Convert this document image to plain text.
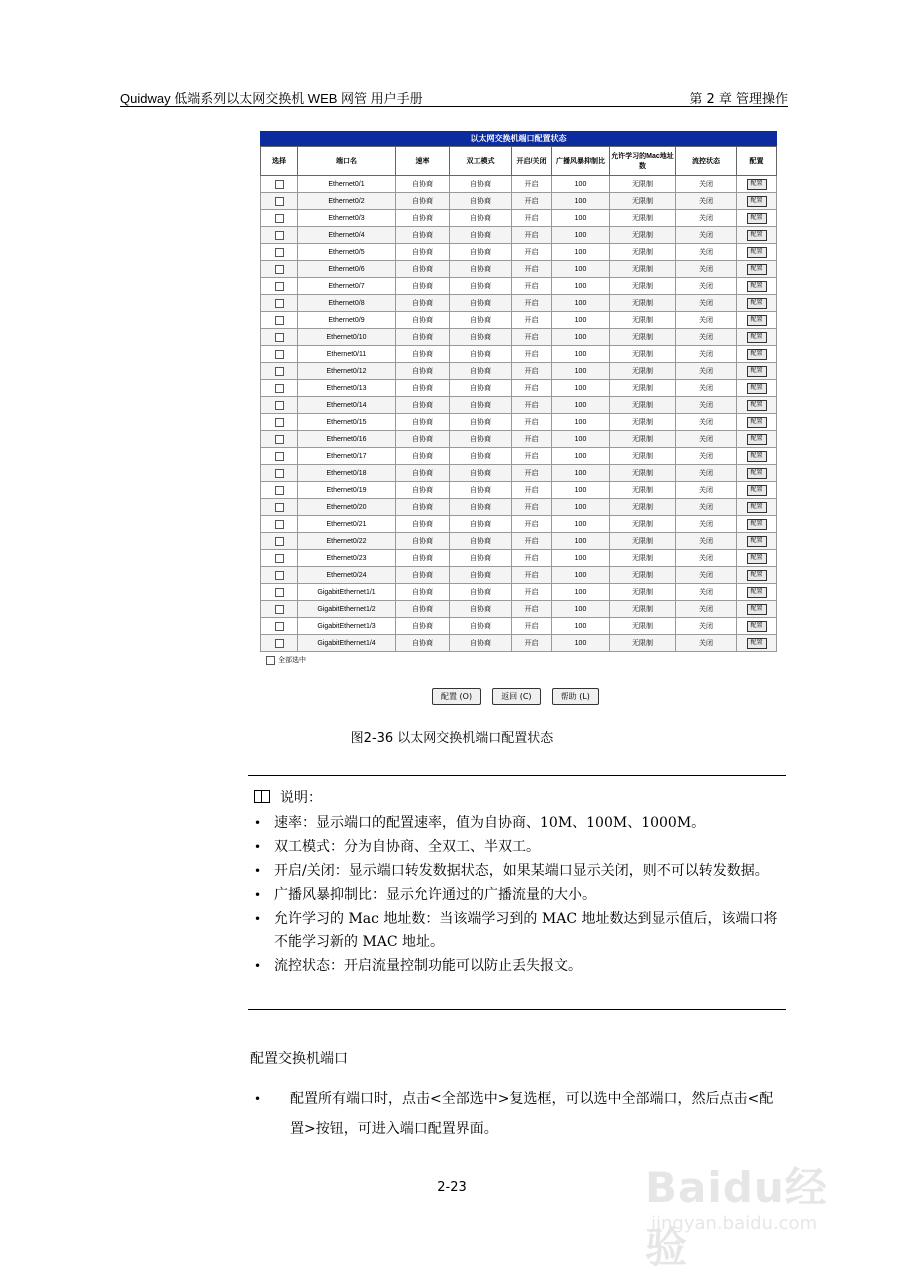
Quidway 低端系列以太网交换机 WEB 网管 用户手册	第 2 章 管理操作
以太网交换机端口配置状态
选择	端口名	速率	双工模式	开启/关闭	广播风暴抑制比	允许学习的Mac地址数	流控状态	配置
	Ethernet0/1	自协商	自协商	开启	100	无限制	关闭	配置
	Ethernet0/2	自协商	自协商	开启	100	无限制	关闭	配置
	Ethernet0/3	自协商	自协商	开启	100	无限制	关闭	配置
	Ethernet0/4	自协商	自协商	开启	100	无限制	关闭	配置
	Ethernet0/5	自协商	自协商	开启	100	无限制	关闭	配置
	Ethernet0/6	自协商	自协商	开启	100	无限制	关闭	配置
	Ethernet0/7	自协商	自协商	开启	100	无限制	关闭	配置
	Ethernet0/8	自协商	自协商	开启	100	无限制	关闭	配置
	Ethernet0/9	自协商	自协商	开启	100	无限制	关闭	配置
	Ethernet0/10	自协商	自协商	开启	100	无限制	关闭	配置
	Ethernet0/11	自协商	自协商	开启	100	无限制	关闭	配置
	Ethernet0/12	自协商	自协商	开启	100	无限制	关闭	配置
	Ethernet0/13	自协商	自协商	开启	100	无限制	关闭	配置
	Ethernet0/14	自协商	自协商	开启	100	无限制	关闭	配置
	Ethernet0/15	自协商	自协商	开启	100	无限制	关闭	配置
	Ethernet0/16	自协商	自协商	开启	100	无限制	关闭	配置
	Ethernet0/17	自协商	自协商	开启	100	无限制	关闭	配置
	Ethernet0/18	自协商	自协商	开启	100	无限制	关闭	配置
	Ethernet0/19	自协商	自协商	开启	100	无限制	关闭	配置
	Ethernet0/20	自协商	自协商	开启	100	无限制	关闭	配置
	Ethernet0/21	自协商	自协商	开启	100	无限制	关闭	配置
	Ethernet0/22	自协商	自协商	开启	100	无限制	关闭	配置
	Ethernet0/23	自协商	自协商	开启	100	无限制	关闭	配置
	Ethernet0/24	自协商	自协商	开启	100	无限制	关闭	配置
	GigabitEthernet1/1	自协商	自协商	开启	100	无限制	关闭	配置
	GigabitEthernet1/2	自协商	自协商	开启	100	无限制	关闭	配置
	GigabitEthernet1/3	自协商	自协商	开启	100	无限制	关闭	配置
	GigabitEthernet1/4	自协商	自协商	开启	100	无限制	关闭	配置
全部选中
配置 (O)	返回 (C)	帮助 (L)
图2-36 以太网交换机端口配置状态
说明：
• 速率：显示端口的配置速率，值为自协商、10M、100M、1000M。
• 双工模式：分为自协商、全双工、半双工。
• 开启/关闭：显示端口转发数据状态，如果某端口显示关闭，则不可以转发数据。
• 广播风暴抑制比：显示允许通过的广播流量的大小。
• 允许学习的 Mac 地址数：当该端学习到的 MAC 地址数达到显示值后，该端口将不能学习新的 MAC 地址。
• 流控状态：开启流量控制功能可以防止丢失报文。
配置交换机端口
•	配置所有端口时，点击<全部选中>复选框，可以选中全部端口，然后点击<配置>按钮，可进入端口配置界面。
2-23	Baidu经验
jingyan.baidu.com
